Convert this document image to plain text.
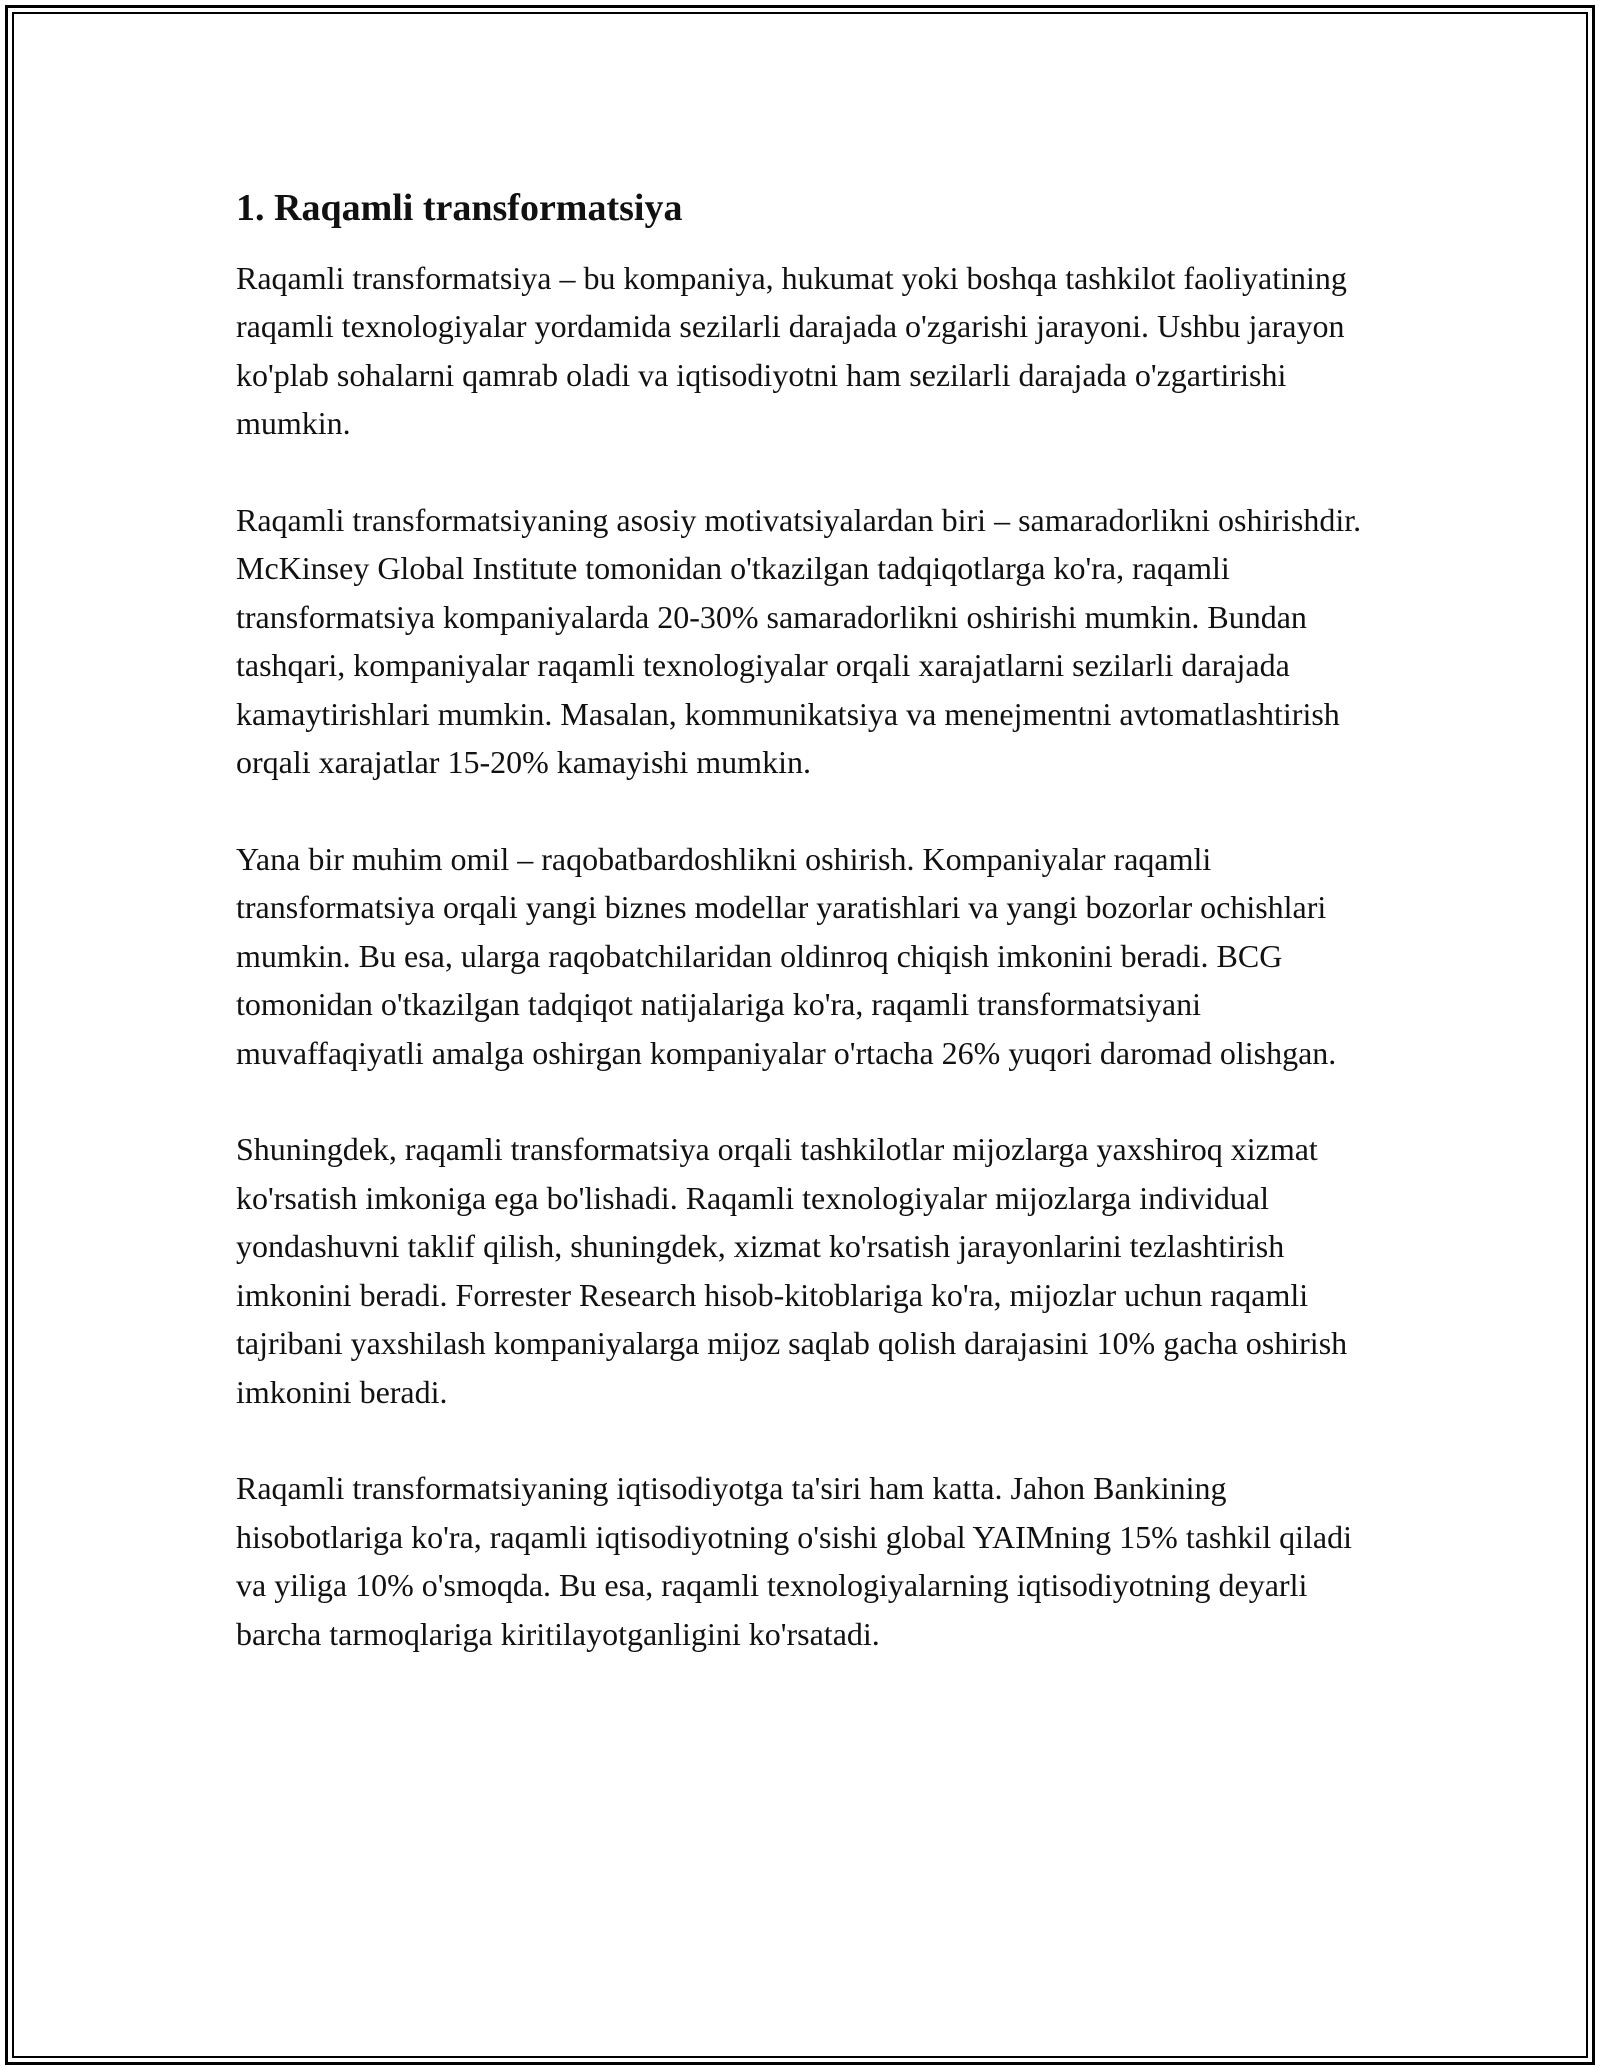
1. Raqamli transformatsiya

Raqamli transformatsiya – bu kompaniya, hukumat yoki boshqa tashkilot faoliyatining raqamli texnologiyalar yordamida sezilarli darajada o'zgarishi jarayoni. Ushbu jarayon ko'plab sohalarni qamrab oladi va iqtisodiyotni ham sezilarli darajada o'zgartirishi mumkin.

Raqamli transformatsiyaning asosiy motivatsiyalardan biri – samaradorlikni oshirishdir. McKinsey Global Institute tomonidan o'tkazilgan tadqiqotlarga ko'ra, raqamli transformatsiya kompaniyalarda 20-30% samaradorlikni oshirishi mumkin. Bundan tashqari, kompaniyalar raqamli texnologiyalar orqali xarajatlarni sezilarli darajada kamaytirishlari mumkin. Masalan, kommunikatsiya va menejmentni avtomatlashtirish orqali xarajatlar 15-20% kamayishi mumkin.

Yana bir muhim omil – raqobatbardoshlikni oshirish. Kompaniyalar raqamli transformatsiya orqali yangi biznes modellar yaratishlari va yangi bozorlar ochishlari mumkin. Bu esa, ularga raqobatchilaridan oldinroq chiqish imkonini beradi. BCG tomonidan o'tkazilgan tadqiqot natijalariga ko'ra, raqamli transformatsiyani muvaffaqiyatli amalga oshirgan kompaniyalar o'rtacha 26% yuqori daromad olishgan.

Shuningdek, raqamli transformatsiya orqali tashkilotlar mijozlarga yaxshiroq xizmat ko'rsatish imkoniga ega bo'lishadi. Raqamli texnologiyalar mijozlarga individual yondashuvni taklif qilish, shuningdek, xizmat ko'rsatish jarayonlarini tezlashtirish imkonini beradi. Forrester Research hisob-kitoblariga ko'ra, mijozlar uchun raqamli tajribani yaxshilash kompaniyalarga mijoz saqlab qolish darajasini 10% gacha oshirish imkonini beradi.

Raqamli transformatsiyaning iqtisodiyotga ta'siri ham katta. Jahon Bankining hisobotlariga ko'ra, raqamli iqtisodiyotning o'sishi global YAIMning 15% tashkil qiladi va yiliga 10% o'smoqda. Bu esa, raqamli texnologiyalarning iqtisodiyotning deyarli barcha tarmoqlariga kiritilayotganligini ko'rsatadi.
